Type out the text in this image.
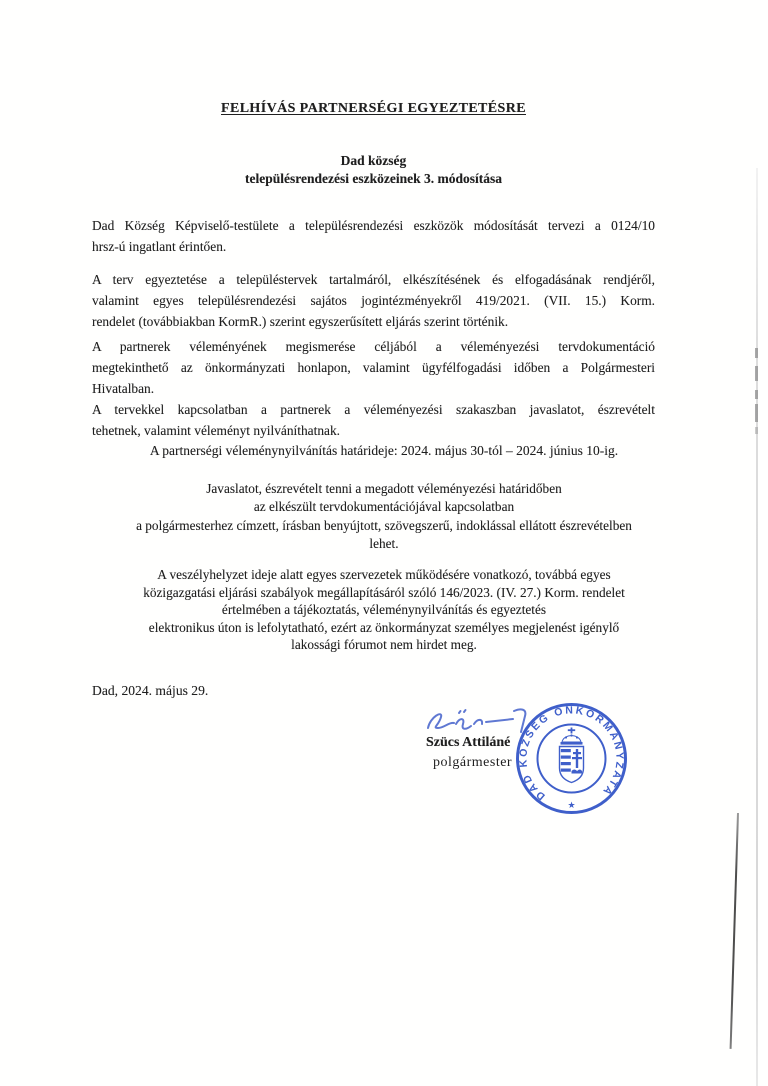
FELHÍVÁS PARTNERSÉGI EGYEZTETÉSRE
Dad község
településrendezési eszközeinek 3. módosítása
Dad Község Képviselő-testülete a településrendezési eszközök módosítását tervezi a 0124/10
hrsz-ú ingatlant érintően.
A terv egyeztetése a településtervek tartalmáról, elkészítésének és elfogadásának rendjéről,
valamint egyes településrendezési sajátos jogintézményekről 419/2021. (VII. 15.) Korm.
rendelet (továbbiakban KormR.) szerint egyszerűsített eljárás szerint történik.
A partnerek véleményének megismerése céljából a véleményezési tervdokumentáció
megtekinthető az önkormányzati honlapon, valamint ügyfélfogadási időben a Polgármesteri
Hivatalban.
A tervekkel kapcsolatban a partnerek a véleményezési szakaszban javaslatot, észrevételt
tehetnek, valamint véleményt nyilváníthatnak.
A partnerségi véleménynyilvánítás határideje: 2024. május 30-tól – 2024. június 10-ig.
Javaslatot, észrevételt tenni a megadott véleményezési határidőben
az elkészült tervdokumentációjával kapcsolatban
a polgármesterhez címzett, írásban benyújtott, szövegszerű, indoklással ellátott észrevételben
lehet.
A veszélyhelyzet ideje alatt egyes szervezetek működésére vonatkozó, továbbá egyes
közigazgatási eljárási szabályok megállapításáról szóló 146/2023. (IV. 27.) Korm. rendelet
értelmében a tájékoztatás, véleménynyilvánítás és egyeztetés
elektronikus úton is lefolytatható, ezért az önkormányzat személyes megjelenést igénylő
lakossági fórumot nem hirdet meg.
Dad, 2024. május 29.
Szücs Attiláné
polgármester
DAD KÖZSÉG ÖNKORMÁNYZATA
★
